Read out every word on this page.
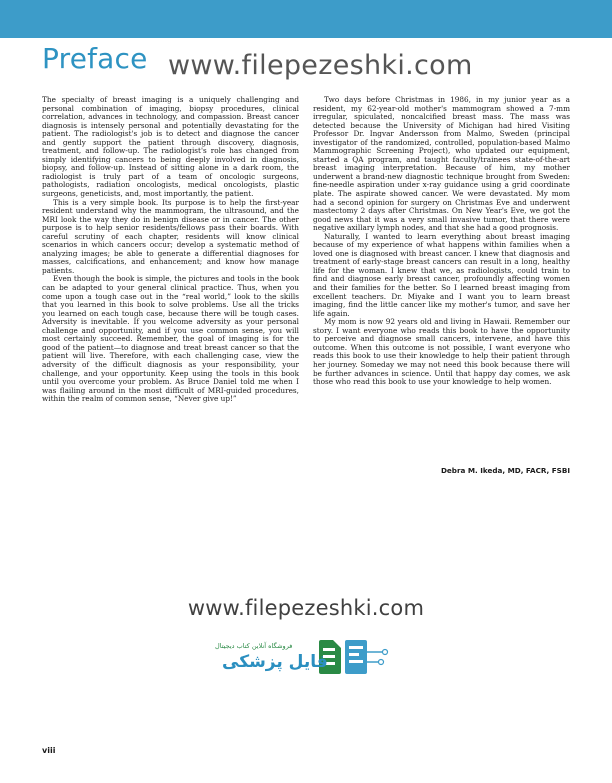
Preface www.filepezeshki.com

The specialty of breast imaging is a uniquely challenging and personal combination of imaging, biopsy procedures, clinical correlation, advances in technology, and compassion. Breast cancer diagnosis is intensely personal and potentially devastating for the patient. The radiologist's job is to detect and diagnose the cancer and gently support the patient through discovery, diagnosis, treatment, and follow-up. The radiologist's role has changed from simply identifying cancers to being deeply involved in diagnosis, biopsy, and follow-up. Instead of sitting alone in a dark room, the radiologist is truly part of a team of oncologic surgeons, pathologists, radiation oncologists, medical oncologists, plastic surgeons, geneticists, and, most importantly, the patient.

This is a very simple book. Its purpose is to help the first-year resident understand why the mammogram, the ultrasound, and the MRI look the way they do in benign disease or in cancer. The other purpose is to help senior residents/fellows pass their boards. With careful scrutiny of each chapter, residents will know clinical scenarios in which cancers occur; develop a systematic method of analyzing images; be able to generate a differential diagnoses for masses, calcifications, and enhancement; and know how manage patients.

Even though the book is simple, the pictures and tools in the book can be adapted to your general clinical practice. Thus, when you come upon a tough case out in the “real world,” look to the skills that you learned in this book to solve problems. Use all the tricks you learned on each tough case, because there will be tough cases. Adversity is inevitable. If you welcome adversity as your personal challenge and opportunity, and if you use common sense, you will most certainly succeed. Remember, the goal of imaging is for the good of the patient—to diagnose and treat breast cancer so that the patient will live. Therefore, with each challenging case, view the adversity of the difficult diagnosis as your responsibility, your challenge, and your opportunity. Keep using the tools in this book until you overcome your problem. As Bruce Daniel told me when I was flailing around in the most difficult of MRI-guided procedures, within the realm of common sense, “Never give up!”

Two days before Christmas in 1986, in my junior year as a resident, my 62-year-old mother's mammogram showed a 7-mm irregular, spiculated, noncalcified breast mass. The mass was detected because the University of Michigan had hired Visiting Professor Dr. Ingvar Andersson from Malmo, Sweden (principal investigator of the randomized, controlled, population-based Malmo Mammographic Screening Project), who updated our equipment, started a QA program, and taught faculty/trainees state-of-the-art breast imaging interpretation. Because of him, my mother underwent a brand-new diagnostic technique brought from Sweden: fine-needle aspiration under x-ray guidance using a grid coordinate plate. The aspirate showed cancer. We were devastated. My mom had a second opinion for surgery on Christmas Eve and underwent mastectomy 2 days after Christmas. On New Year's Eve, we got the good news that it was a very small invasive tumor, that there were negative axillary lymph nodes, and that she had a good prognosis.

Naturally, I wanted to learn everything about breast imaging because of my experience of what happens within families when a loved one is diagnosed with breast cancer. I knew that diagnosis and treatment of early-stage breast cancers can result in a long, healthy life for the woman. I knew that we, as radiologists, could train to find and diagnose early breast cancer, profoundly affecting women and their families for the better. So I learned breast imaging from excellent teachers. Dr. Miyake and I want you to learn breast imaging, find the little cancer like my mother's tumor, and save her life again.

My mom is now 92 years old and living in Hawaii. Remember our story. I want everyone who reads this book to have the opportunity to perceive and diagnose small cancers, intervene, and have this outcome. When this outcome is not possible, I want everyone who reads this book to use their knowledge to help their patient through her journey. Someday we may not need this book because there will be further advances in science. Until that happy day comes, we ask those who read this book to use your knowledge to help women.

Debra M. Ikeda, MD, FACR, FSBI
www.filepezeshki.com
فروشگاه آنلاین کتاب دیجیتال
فایل پزشکی
viii
